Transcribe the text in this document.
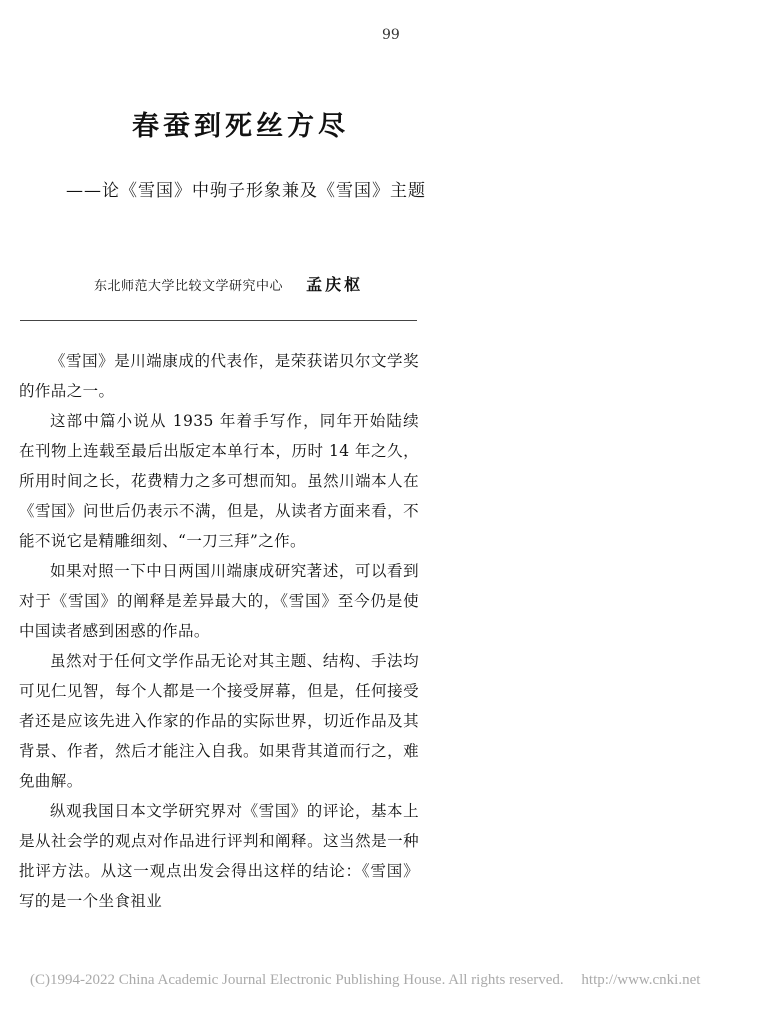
99
春蚕到死丝方尽
——论《雪国》中驹子形象兼及《雪国》主题
东北师范大学比较文学研究中心 孟庆枢

《雪国》是川端康成的代表作，是荣获诺贝尔文学奖的作品之一。

这部中篇小说从 1935 年着手写作，同年开始陆续在刊物上连载至最后出版定本单行本，历时 14 年之久，所用时间之长，花费精力之多可想而知。虽然川端本人在《雪国》问世后仍表示不满，但是，从读者方面来看，不能不说它是精雕细刻、“一刀三拜”之作。

如果对照一下中日两国川端康成研究著述，可以看到对于《雪国》的阐释是差异最大的，《雪国》至今仍是使中国读者感到困惑的作品。

虽然对于任何文学作品无论对其主题、结构、手法均可见仁见智，每个人都是一个接受屏幕，但是，任何接受者还是应该先进入作家的作品的实际世界，切近作品及其背景、作者，然后才能注入自我。如果背其道而行之，难免曲解。

纵观我国日本文学研究界对《雪国》的评论，基本上是从社会学的观点对作品进行评判和阐释。这当然是一种批评方法。从这一观点出发会得出这样的结论：《雪国》写的是一个坐食祖业

(C)1994-2022 China Academic Journal Electronic Publishing House. All rights reserved. http://www.cnki.net
